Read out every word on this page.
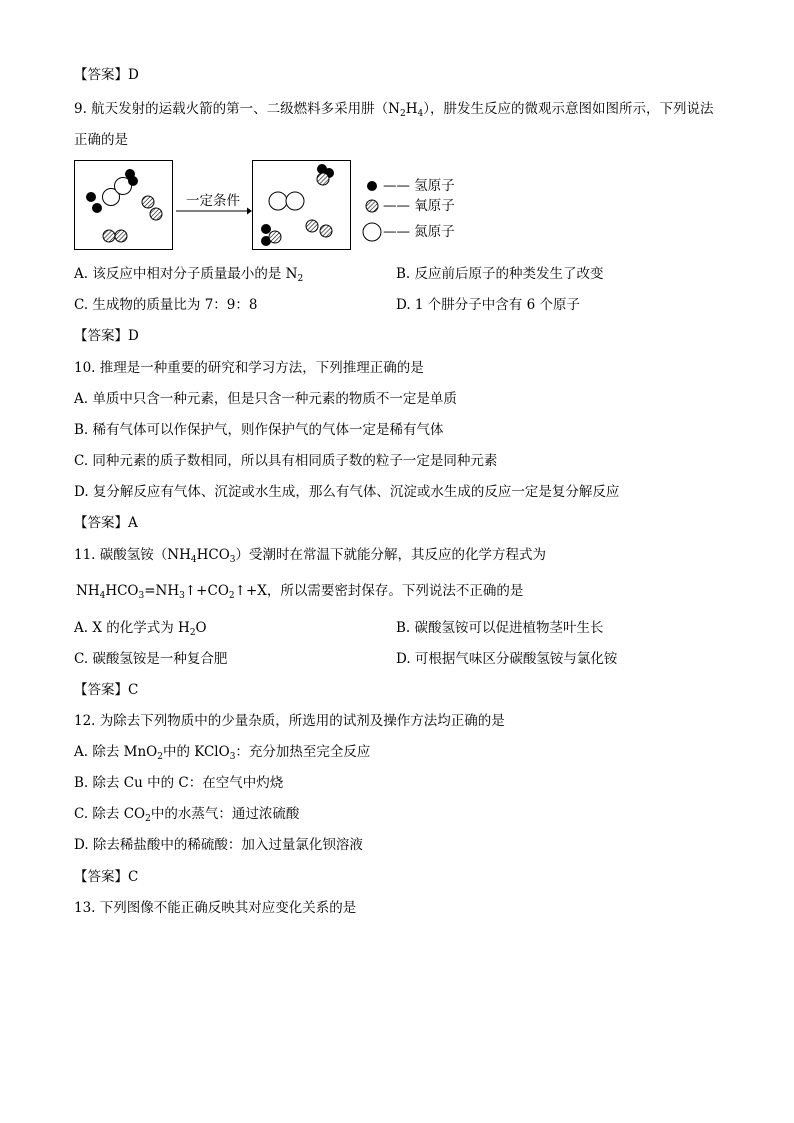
【答案】D
9. 航天发射的运载火箭的第一、二级燃料多采用肼$(N_2H_4)$，肼发生反应的微观示意图如图所示，下列说法
正确的是
一定条件
—— 氢原子
—— 氧原子
—— 氮原子
A. 该反应中相对分子质量最小的是 $N_2$	B. 反应前后原子的种类发生了改变
C. 生成物的质量比为 7：9：8	D. 1 个肼分子中含有 6 个原子
【答案】D
10. 推理是一种重要的研究和学习方法，下列推理正确的是
A. 单质中只含一种元素，但是只含一种元素的物质不一定是单质
B. 稀有气体可以作保护气，则作保护气的气体一定是稀有气体
C. 同种元素的质子数相同，所以具有相同质子数的粒子一定是同种元素
D. 复分解反应有气体、沉淀或水生成，那么有气体、沉淀或水生成的反应一定是复分解反应
【答案】A
11. 碳酸氢铵$(NH_4HCO_3)$受潮时在常温下就能分解，其反应的化学方程式为
$NH_4HCO_3=NH_3↑+CO_2↑+X$，所以需要密封保存。下列说法不正确的是
A. X 的化学式为 $H_2O$	B. 碳酸氢铵可以促进植物茎叶生长
C. 碳酸氢铵是一种复合肥	D. 可根据气味区分碳酸氢铵与氯化铵
【答案】C
12. 为除去下列物质中的少量杂质，所选用的试剂及操作方法均正确的是
A. 除去 MnO$_2$中的 KClO$_3$：充分加热至完全反应
B. 除去 Cu 中的 C：在空气中灼烧
C. 除去 $CO_2$中的水蒸气：通过浓硫酸
D. 除去稀盐酸中的稀硫酸：加入过量氯化钡溶液
【答案】C
13. 下列图像不能正确反映其对应变化关系的是
